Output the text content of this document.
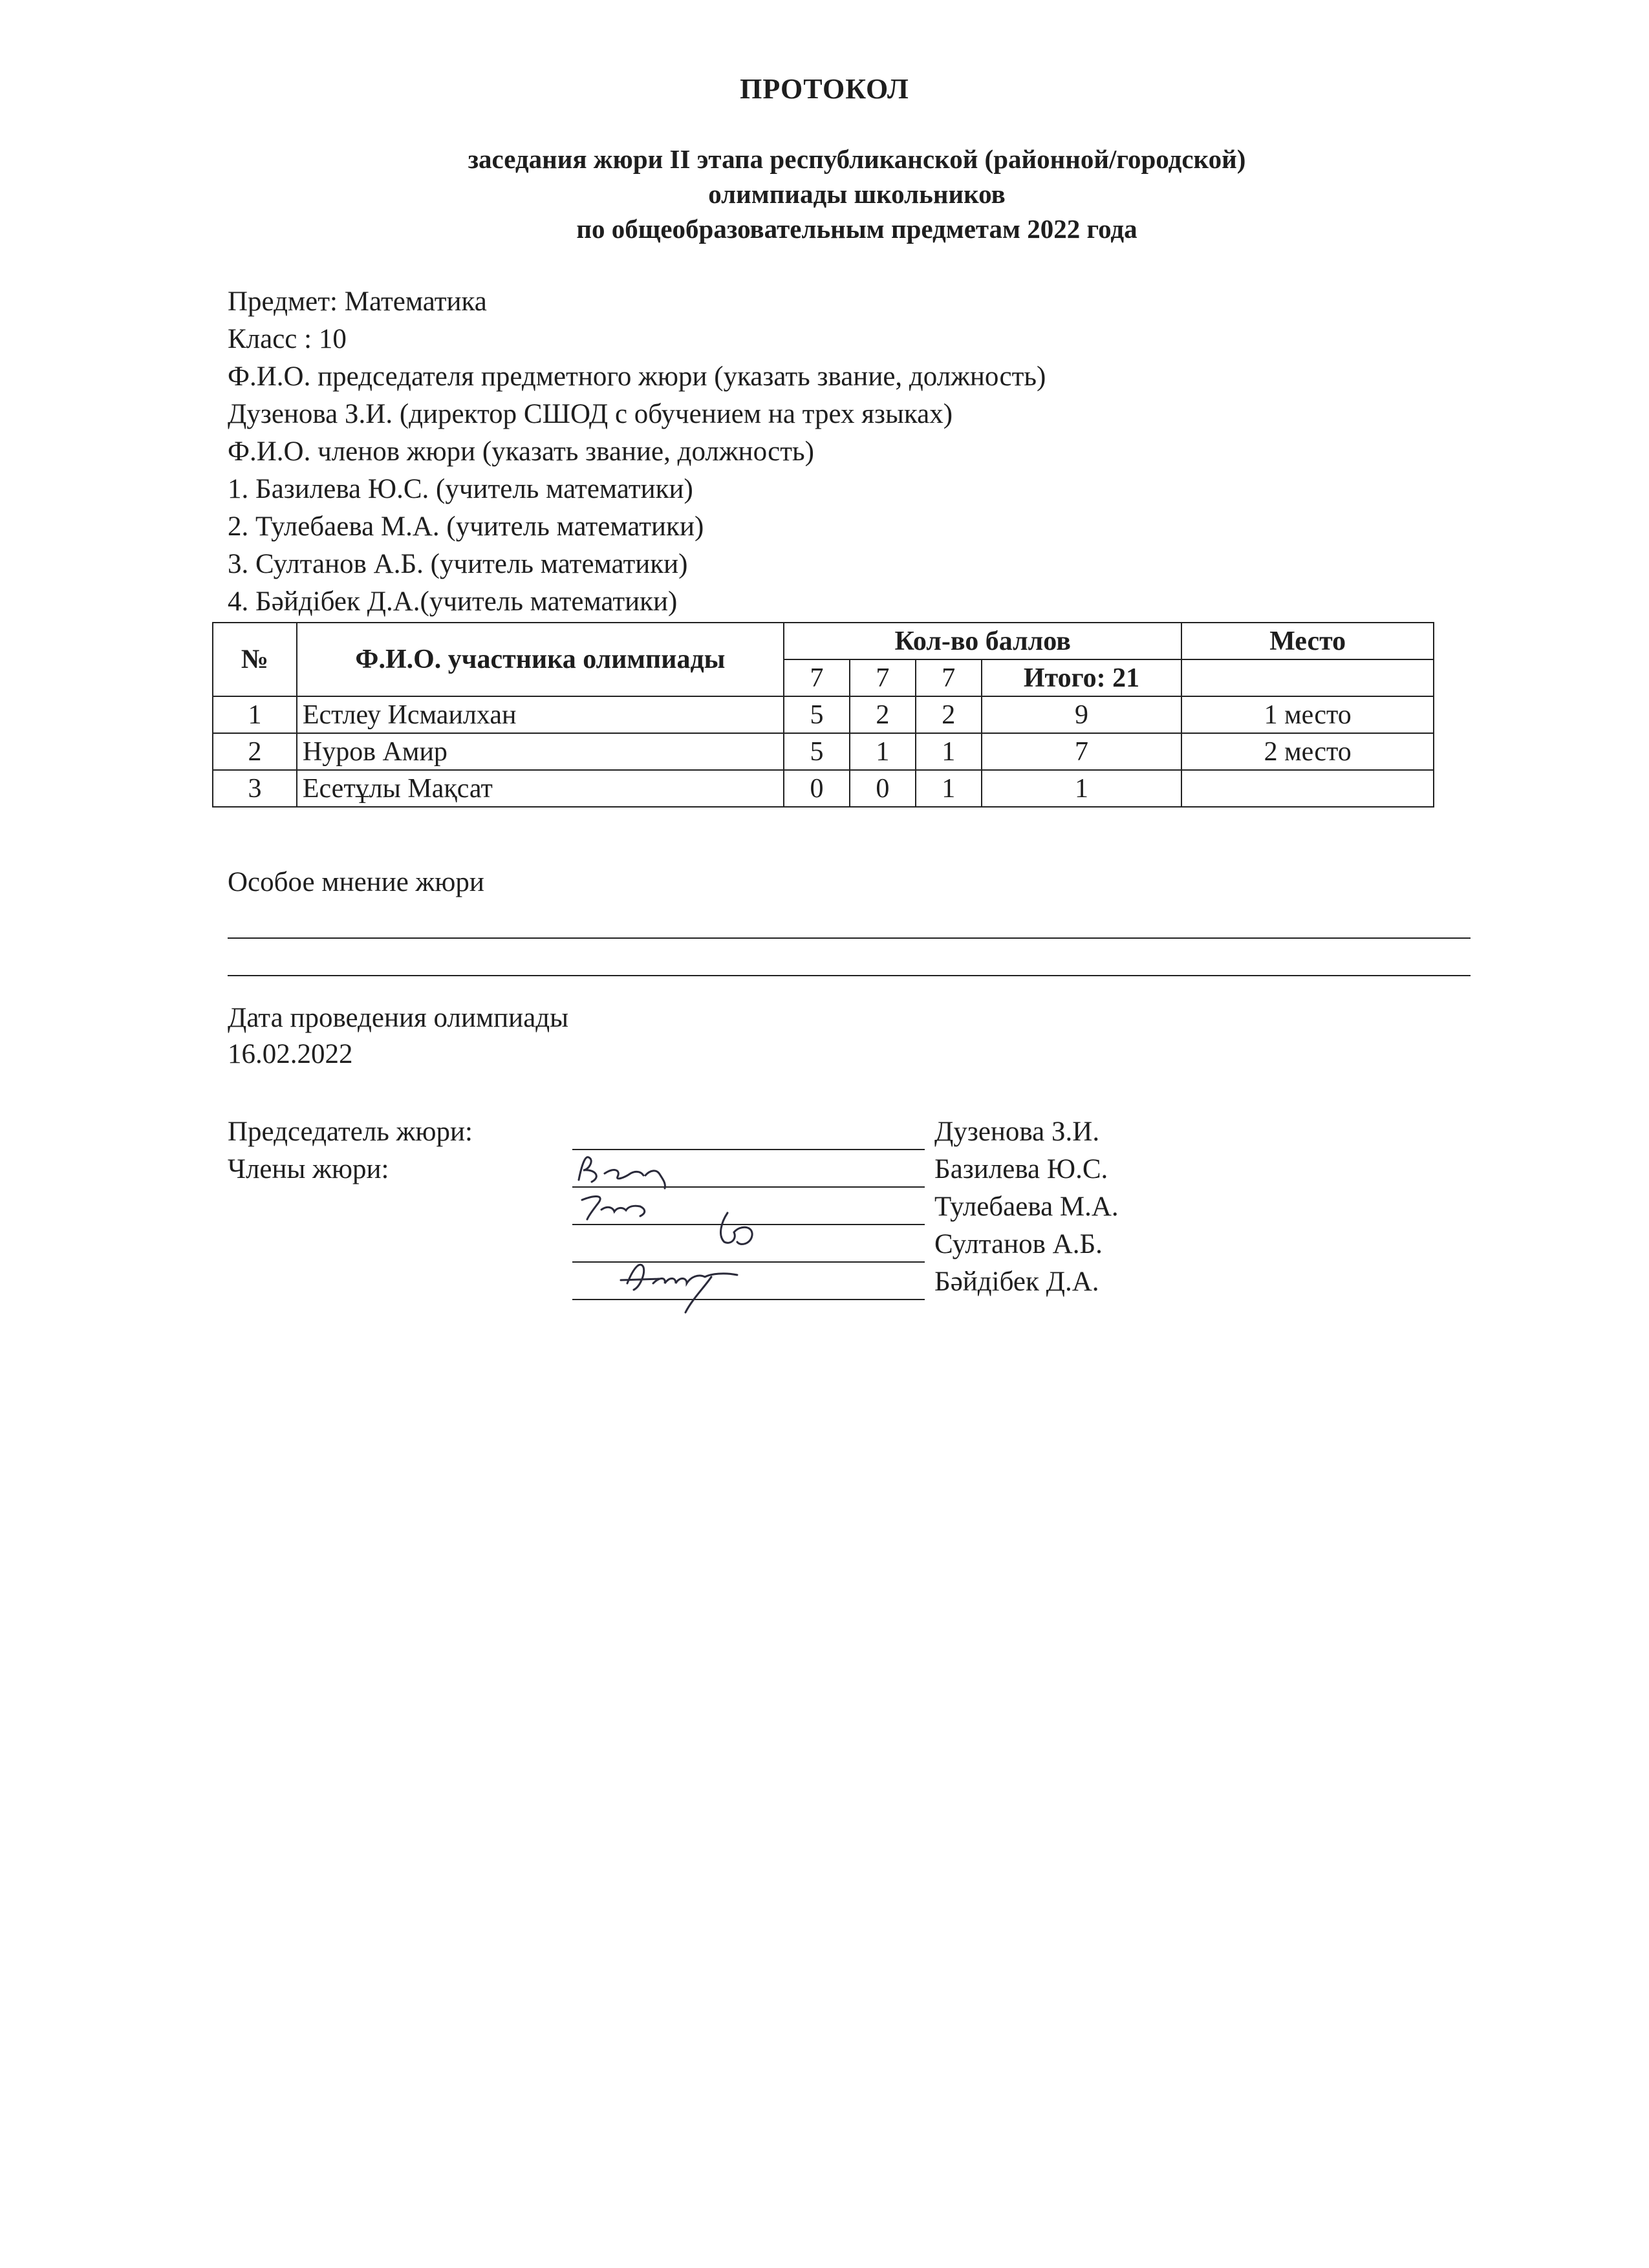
ПРОТОКОЛ
заседания жюри II этапа республиканской (районной/городской)
олимпиады школьников
по общеобразовательным предметам 2022 года
Предмет: Математика
Класс : 10
Ф.И.О. председателя предметного жюри (указать звание, должность)
Дузенова З.И. (директор СШОД с обучением на трех языках)
Ф.И.О. членов жюри (указать звание, должность)
1. Базилева Ю.С. (учитель математики)
2. Тулебаева М.А. (учитель математики)
3. Султанов А.Б. (учитель математики)
4. Бәйдібек Д.А.(учитель математики)
№	Ф.И.О. участника олимпиады	Кол-во баллов				Место
		7	7	7	Итого: 21	
1	Естлеу Исмаилхан	5	2	2	9	1 место
2	Нуров Амир	5	1	1	7	2 место
3	Есетұлы Мақсат	0	0	1	1	
Особое мнение жюри
Дата проведения олимпиады
16.02.2022
Председатель жюри:
Члены жюри:
Дузенова З.И.
Базилева Ю.С.
Тулебаева М.А.
Султанов А.Б.
Бәйдібек Д.А.
